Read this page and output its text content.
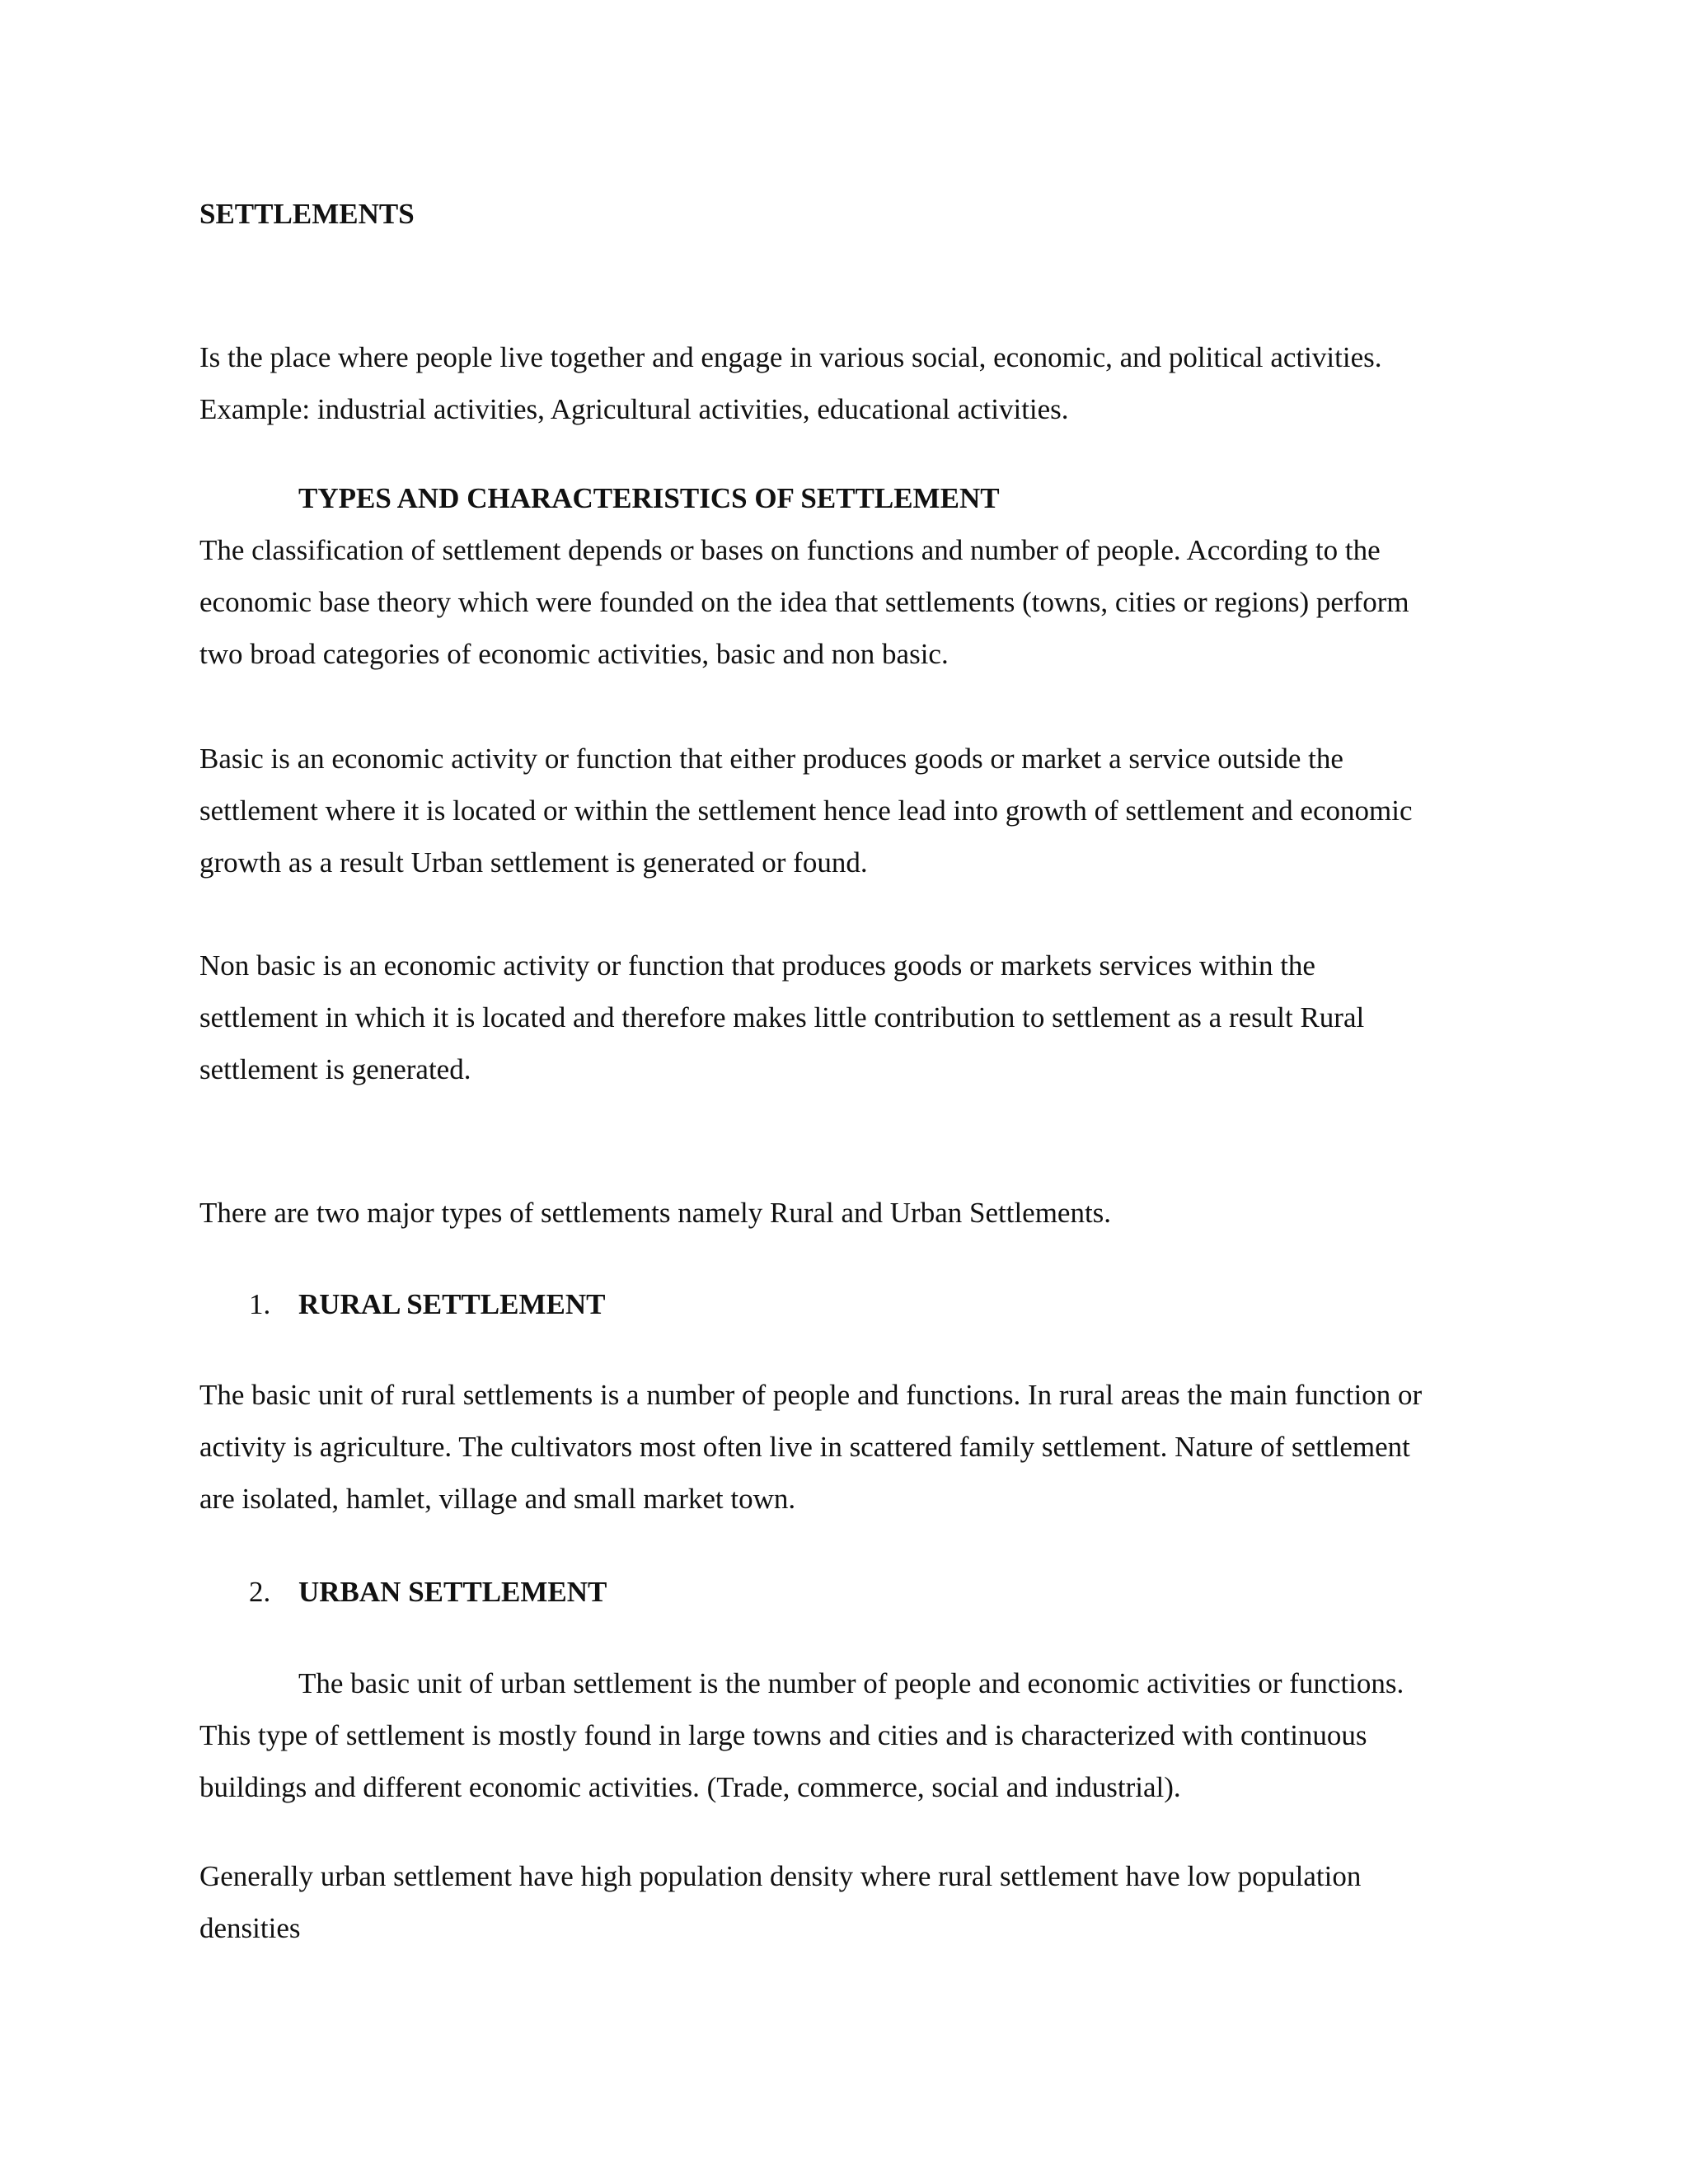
SETTLEMENTS

Is the place where people live together and engage in various social, economic, and political activities.
Example: industrial activities, Agricultural activities, educational activities.

TYPES AND CHARACTERISTICS OF SETTLEMENT

The classification of settlement depends or bases on functions and number of people. According to the
economic base theory which were founded on the idea that settlements (towns, cities or regions) perform
two broad categories of economic activities, basic and non basic.

Basic is an economic activity or function that either produces goods or market a service outside the
settlement where it is located or within the settlement hence lead into growth of settlement and economic
growth as a result Urban settlement is generated or found.

Non basic is an economic activity or function that produces goods or markets services within the
settlement in which it is located and therefore makes little contribution to settlement as a result Rural
settlement is generated.

There are two major types of settlements namely Rural and Urban Settlements.

1. RURAL SETTLEMENT

The basic unit of rural settlements is a number of people and functions. In rural areas the main function or
activity is agriculture. The cultivators most often live in scattered family settlement. Nature of settlement
are isolated, hamlet, village and small market town.

2. URBAN SETTLEMENT

The basic unit of urban settlement is the number of people and economic activities or functions.
This type of settlement is mostly found in large towns and cities and is characterized with continuous
buildings and different economic activities. (Trade, commerce, social and industrial).

Generally urban settlement have high population density where rural settlement have low population
densities
